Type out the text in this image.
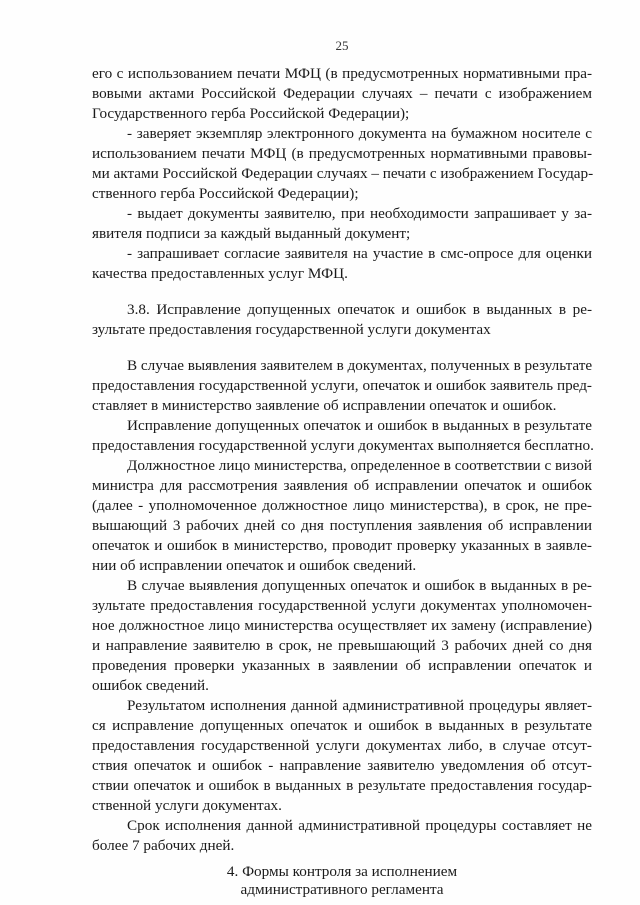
25
его с использованием печати МФЦ (в предусмотренных нормативными пра-
вовыми актами Российской Федерации случаях – печати с изображением
Государственного герба Российской Федерации);
- заверяет экземпляр электронного документа на бумажном носителе с
использованием печати МФЦ (в предусмотренных нормативными правовы-
ми актами Российской Федерации случаях – печати с изображением Государ-
ственного герба Российской Федерации);
- выдает документы заявителю, при необходимости запрашивает у за-
явителя подписи за каждый выданный документ;
- запрашивает согласие заявителя на участие в смс-опросе для оценки
качества предоставленных услуг МФЦ.
3.8. Исправление допущенных опечаток и ошибок в выданных в ре-
зультате предоставления государственной услуги документах
В случае выявления заявителем в документах, полученных в результате
предоставления государственной услуги, опечаток и ошибок заявитель пред-
ставляет в министерство заявление об исправлении опечаток и ошибок.
Исправление допущенных опечаток и ошибок в выданных в результате
предоставления государственной услуги документах выполняется бесплатно.
Должностное лицо министерства, определенное в соответствии с визой
министра для рассмотрения заявления об исправлении опечаток и ошибок
(далее - уполномоченное должностное лицо министерства), в срок, не пре-
вышающий 3 рабочих дней со дня поступления заявления об исправлении
опечаток и ошибок в министерство, проводит проверку указанных в заявле-
нии об исправлении опечаток и ошибок сведений.
В случае выявления допущенных опечаток и ошибок в выданных в ре-
зультате предоставления государственной услуги документах уполномочен-
ное должностное лицо министерства осуществляет их замену (исправление)
и направление заявителю в срок, не превышающий 3 рабочих дней со дня
проведения проверки указанных в заявлении об исправлении опечаток и
ошибок сведений.
Результатом исполнения данной административной процедуры являет-
ся исправление допущенных опечаток и ошибок в выданных в результате
предоставления государственной услуги документах либо, в случае отсут-
ствия опечаток и ошибок - направление заявителю уведомления об отсут-
ствии опечаток и ошибок в выданных в результате предоставления государ-
ственной услуги документах.
Срок исполнения данной административной процедуры составляет не
более 7 рабочих дней.
4. Формы контроля за исполнением
административного регламента
